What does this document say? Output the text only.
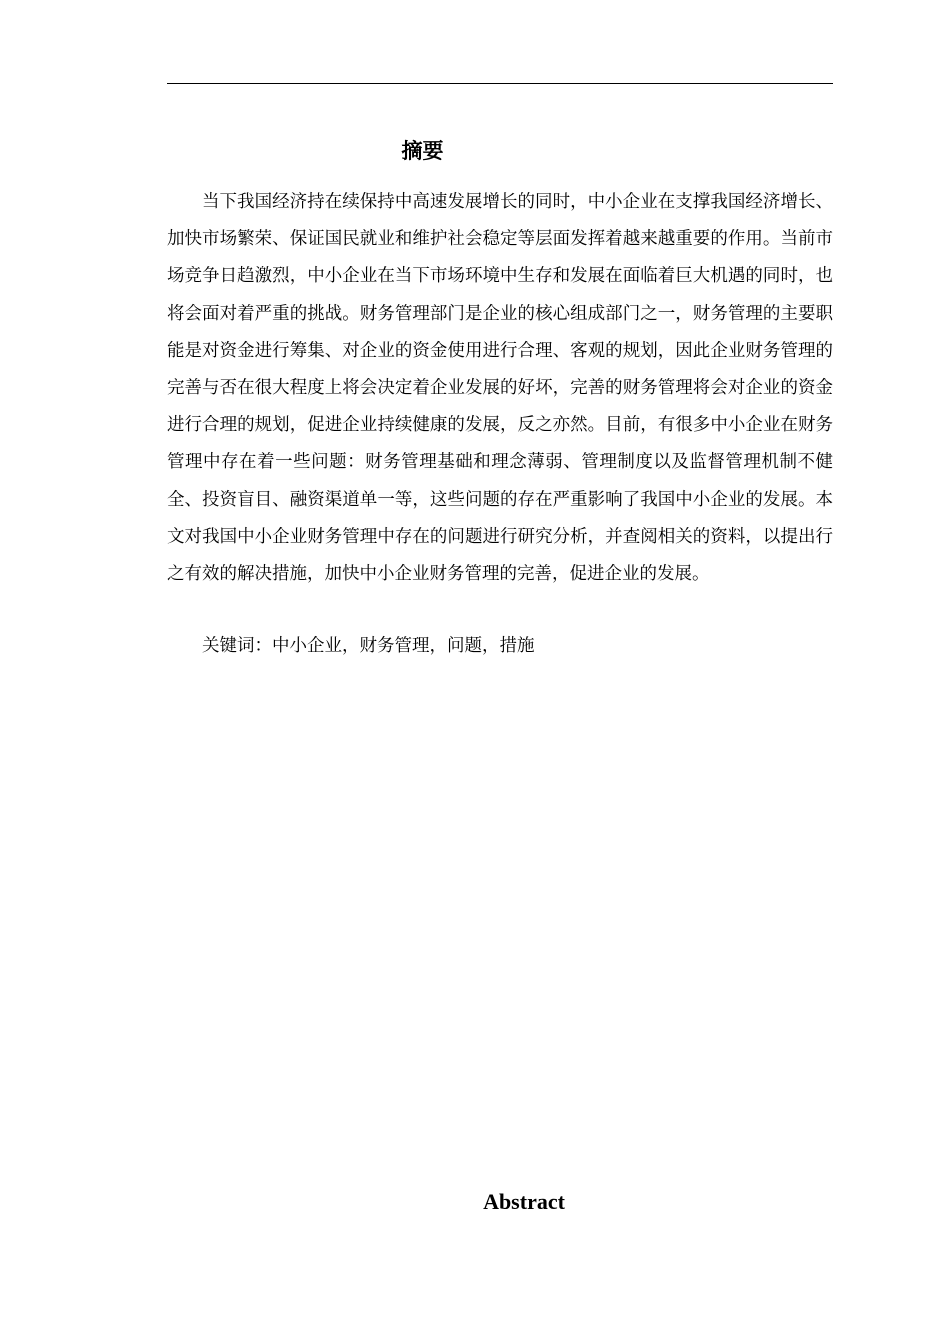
摘要

当下我国经济持在续保持中高速发展增长的同时，中小企业在支撑我国经济增长、加快市场繁荣、保证国民就业和维护社会稳定等层面发挥着越来越重要的作用。当前市场竞争日趋激烈，中小企业在当下市场环境中生存和发展在面临着巨大机遇的同时，也将会面对着严重的挑战。财务管理部门是企业的核心组成部门之一，财务管理的主要职能是对资金进行筹集、对企业的资金使用进行合理、客观的规划，因此企业财务管理的完善与否在很大程度上将会决定着企业发展的好坏，完善的财务管理将会对企业的资金进行合理的规划，促进企业持续健康的发展，反之亦然。目前，有很多中小企业在财务管理中存在着一些问题：财务管理基础和理念薄弱、管理制度以及监督管理机制不健全、投资盲目、融资渠道单一等，这些问题的存在严重影响了我国中小企业的发展。本文对我国中小企业财务管理中存在的问题进行研究分析，并查阅相关的资料，以提出行之有效的解决措施，加快中小企业财务管理的完善，促进企业的发展。

关键词：中小企业，财务管理，问题，措施

Abstract
